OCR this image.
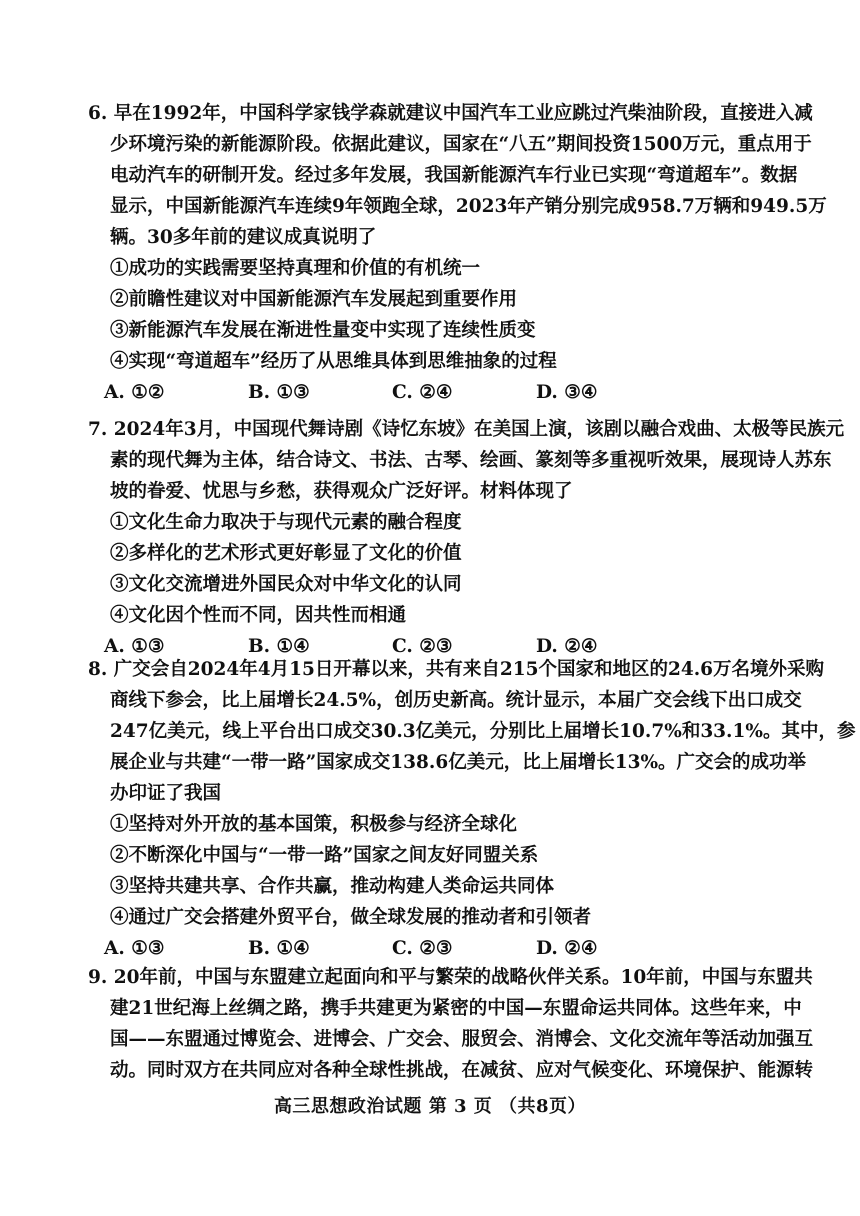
6. 早在1992年，中国科学家钱学森就建议中国汽车工业应跳过汽柴油阶段，直接进入减
少环境污染的新能源阶段。依据此建议，国家在“八五”期间投资1500万元，重点用于
电动汽车的研制开发。经过多年发展，我国新能源汽车行业已实现“弯道超车”。数据
显示，中国新能源汽车连续9年领跑全球，2023年产销分别完成958.7万辆和949.5万
辆。30多年前的建议成真说明了
①成功的实践需要坚持真理和价值的有机统一
②前瞻性建议对中国新能源汽车发展起到重要作用
③新能源汽车发展在渐进性量变中实现了连续性质变
④实现“弯道超车”经历了从思维具体到思维抽象的过程
A. ①②	B. ①③	C. ②④	D. ③④
7. 2024年3月，中国现代舞诗剧《诗忆东坡》在美国上演，该剧以融合戏曲、太极等民族元
素的现代舞为主体，结合诗文、书法、古琴、绘画、篆刻等多重视听效果，展现诗人苏东
坡的眷爱、忧思与乡愁，获得观众广泛好评。材料体现了
①文化生命力取决于与现代元素的融合程度
②多样化的艺术形式更好彰显了文化的价值
③文化交流增进外国民众对中华文化的认同
④文化因个性而不同，因共性而相通
A. ①③	B. ①④	C. ②③	D. ②④
8. 广交会自2024年4月15日开幕以来，共有来自215个国家和地区的24.6万名境外采购
商线下参会，比上届增长24.5%，创历史新高。统计显示，本届广交会线下出口成交
247亿美元，线上平台出口成交30.3亿美元，分别比上届增长10.7%和33.1%。其中，参
展企业与共建“一带一路”国家成交138.6亿美元，比上届增长13%。广交会的成功举
办印证了我国
①坚持对外开放的基本国策，积极参与经济全球化
②不断深化中国与“一带一路”国家之间友好同盟关系
③坚持共建共享、合作共赢，推动构建人类命运共同体
④通过广交会搭建外贸平台，做全球发展的推动者和引领者
A. ①③	B. ①④	C. ②③	D. ②④
9. 20年前，中国与东盟建立起面向和平与繁荣的战略伙伴关系。10年前，中国与东盟共
建21世纪海上丝绸之路，携手共建更为紧密的中国—东盟命运共同体。这些年来，中
国——东盟通过博览会、进博会、广交会、服贸会、消博会、文化交流年等活动加强互
动。同时双方在共同应对各种全球性挑战，在减贫、应对气候变化、环境保护、能源转
高三思想政治试题 第 3 页 （共8页）
